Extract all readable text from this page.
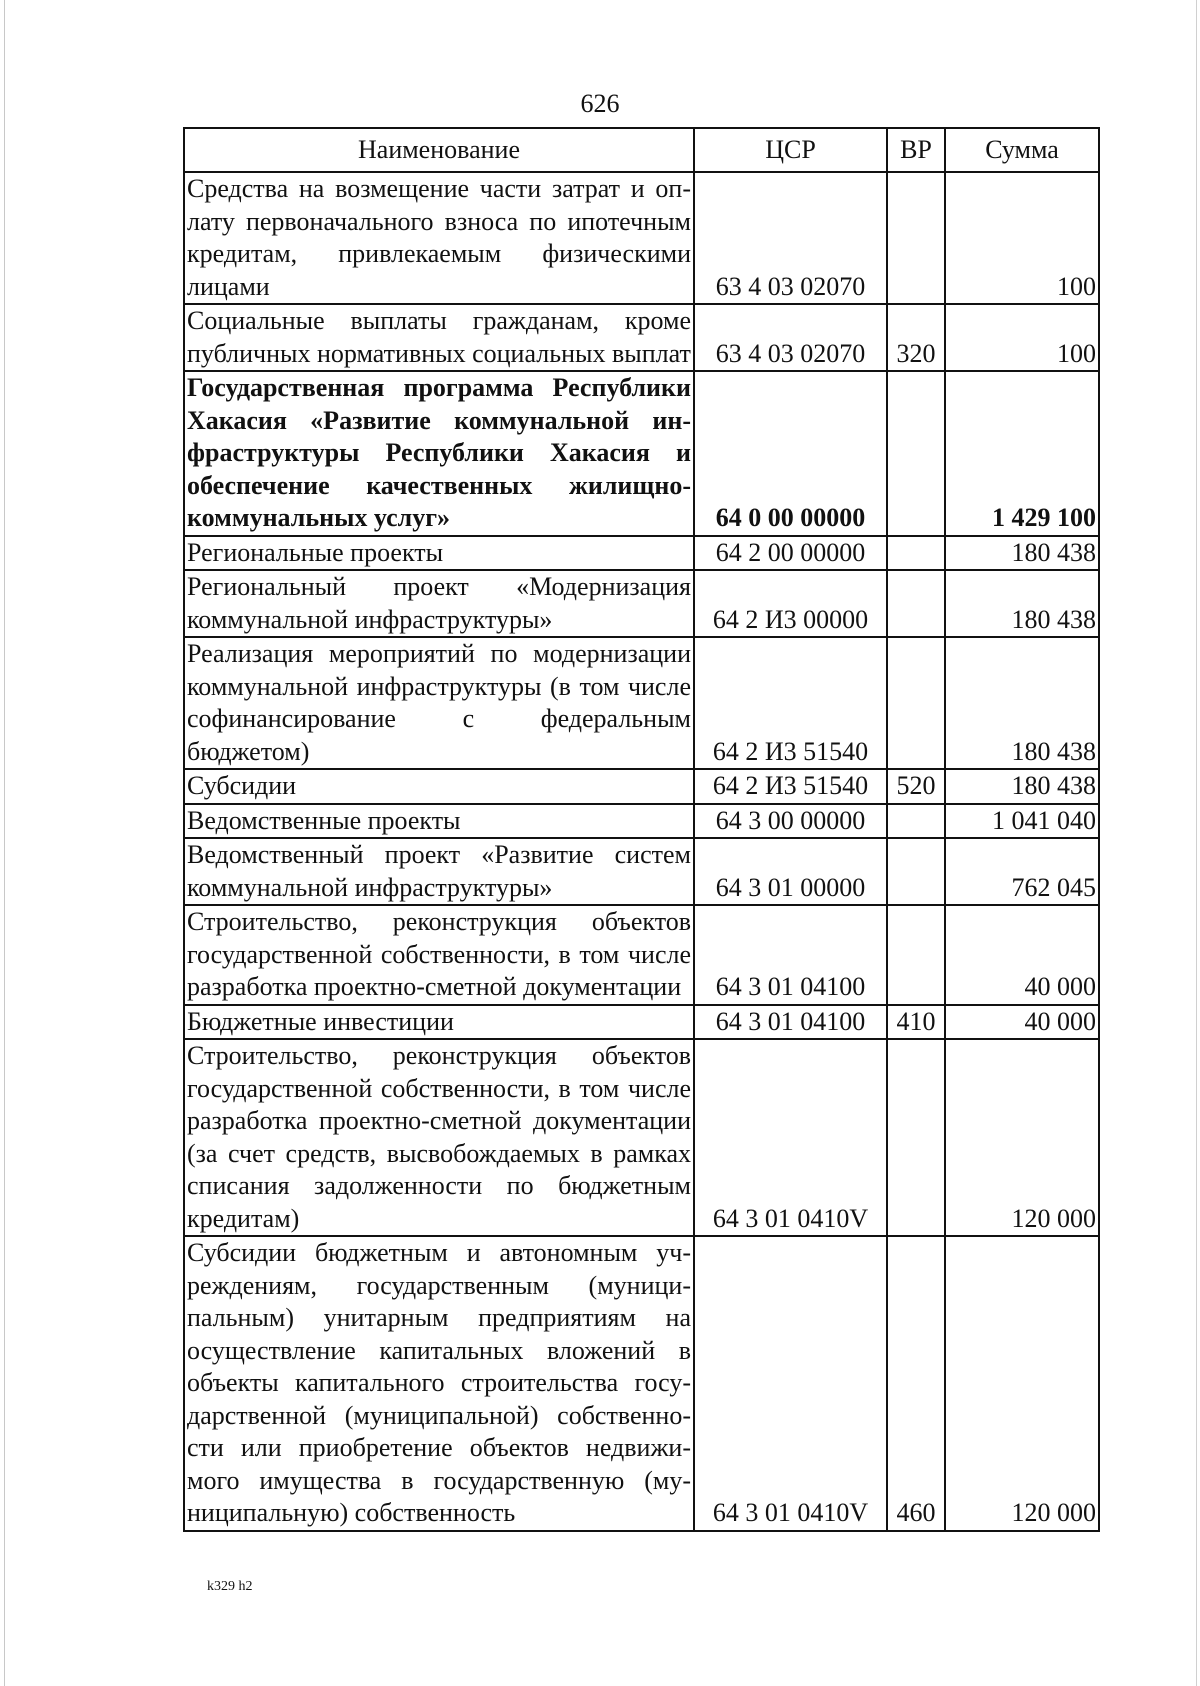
626
Наименование	ЦСР	ВР	Сумма
Средства на возмещение части затрат и оплату первоначального взноса по ипотечным кредитам, привлекаемым физическими лицами	63 4 03 02070		100
Социальные выплаты гражданам, кроме публичных нормативных социальных выплат	63 4 03 02070	320	100
Государственная программа Республики Хакасия «Развитие коммунальной инфраструктуры Республики Хакасия и обеспечение качественных жилищно-коммунальных услуг»	64 0 00 00000		1 429 100
Региональные проекты	64 2 00 00000		180 438
Региональный проект «Модернизация коммунальной инфраструктуры»	64 2 И3 00000		180 438
Реализация мероприятий по модернизации коммунальной инфраструктуры (в том числе софинансирование с федеральным бюджетом)	64 2 И3 51540		180 438
Субсидии	64 2 И3 51540	520	180 438
Ведомственные проекты	64 3 00 00000		1 041 040
Ведомственный проект «Развитие систем коммунальной инфраструктуры»	64 3 01 00000		762 045
Строительство, реконструкция объектов государственной собственности, в том числе разработка проектно-сметной документации	64 3 01 04100		40 000
Бюджетные инвестиции	64 3 01 04100	410	40 000
Строительство, реконструкция объектов государственной собственности, в том числе разработка проектно-сметной документации (за счет средств, высвобождаемых в рамках списания задолженности по бюджетным кредитам)	64 3 01 0410V		120 000
Субсидии бюджетным и автономным учреждениям, государственным (муниципальным) унитарным предприятиям на осуществление капитальных вложений в объекты капитального строительства государственной (муниципальной) собственности или приобретение объектов недвижимого имущества в государственную (муниципальную) собственность	64 3 01 0410V	460	120 000
k329 h2
